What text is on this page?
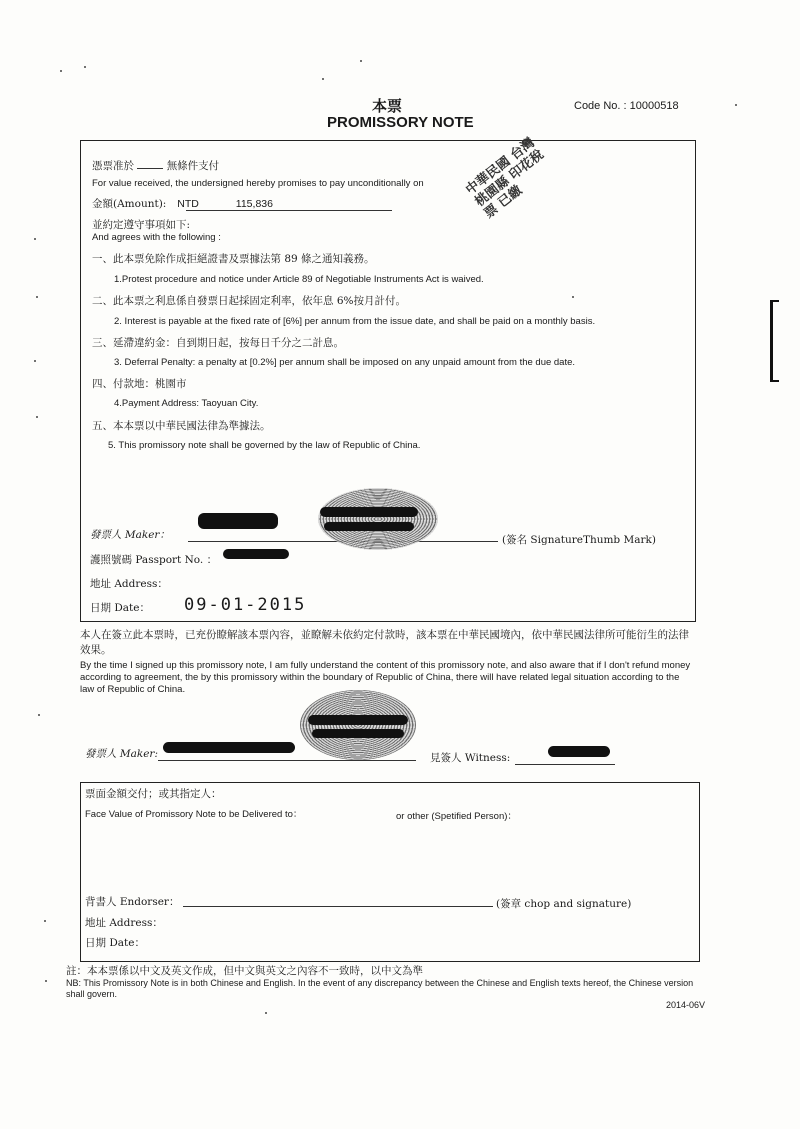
本票
PROMISSORY NOTE
Code No. : 10000518
中華民國 台灣 桃園縣 印花稅票 已繳
憑票准於	無條件支付
For value received, the undersigned hereby promises to pay unconditionally on
金額(Amount): NTD	115,836
並約定遵守事項如下:
And agrees with the following :
一、此本票免除作成拒絕證書及票據法第 89 條之通知義務。
1.Protest procedure and notice under Article 89 of Negotiable Instruments Act is waived.
二、此本票之利息係自發票日起採固定利率，依年息 6%按月計付。
2. Interest is payable at the fixed rate of [6%] per annum from the issue date, and shall be paid on a monthly basis.
三、延滯違約金：自到期日起，按每日千分之二計息。
3. Deferral Penalty: a penalty at [0.2%] per annum shall be imposed on any unpaid amount from the due date.
四、付款地：桃園市
4.Payment Address: Taoyuan City.
五、本本票以中華民國法律為準據法。
5. This promissory note shall be governed by the law of Republic of China.
發票人 Maker：	(簽名 SignatureThumb Mark)
護照號碼 Passport No. ：
地址 Address：
日期 Date： 09-01-2015
本人在簽立此本票時，已充份瞭解該本票內容，並瞭解未依約定付款時，該本票在中華民國境內，依中華民國法律所可能衍生的法律效果。
By the time I signed up this promissory note, I am fully understand the content of this promissory note, and also aware that if I don't refund money according to agreement, the by this promissory within the boundary of Republic of China, there will have related legal situation according to the law of Republic of China.
發票人 Maker:	見簽人 Witness:
票面金額交付；或其指定人：
Face Value of Promissory Note to be Delivered to：	or other (Spetified Person)：
背書人 Endorser：	(簽章 chop and signature)
地址 Address：
日期 Date：
註：本本票係以中文及英文作成，但中文與英文之內容不一致時，以中文為準
NB: This Promissory Note is in both Chinese and English. In the event of any discrepancy between the Chinese and English texts hereof, the Chinese version shall govern.
2014-06V
